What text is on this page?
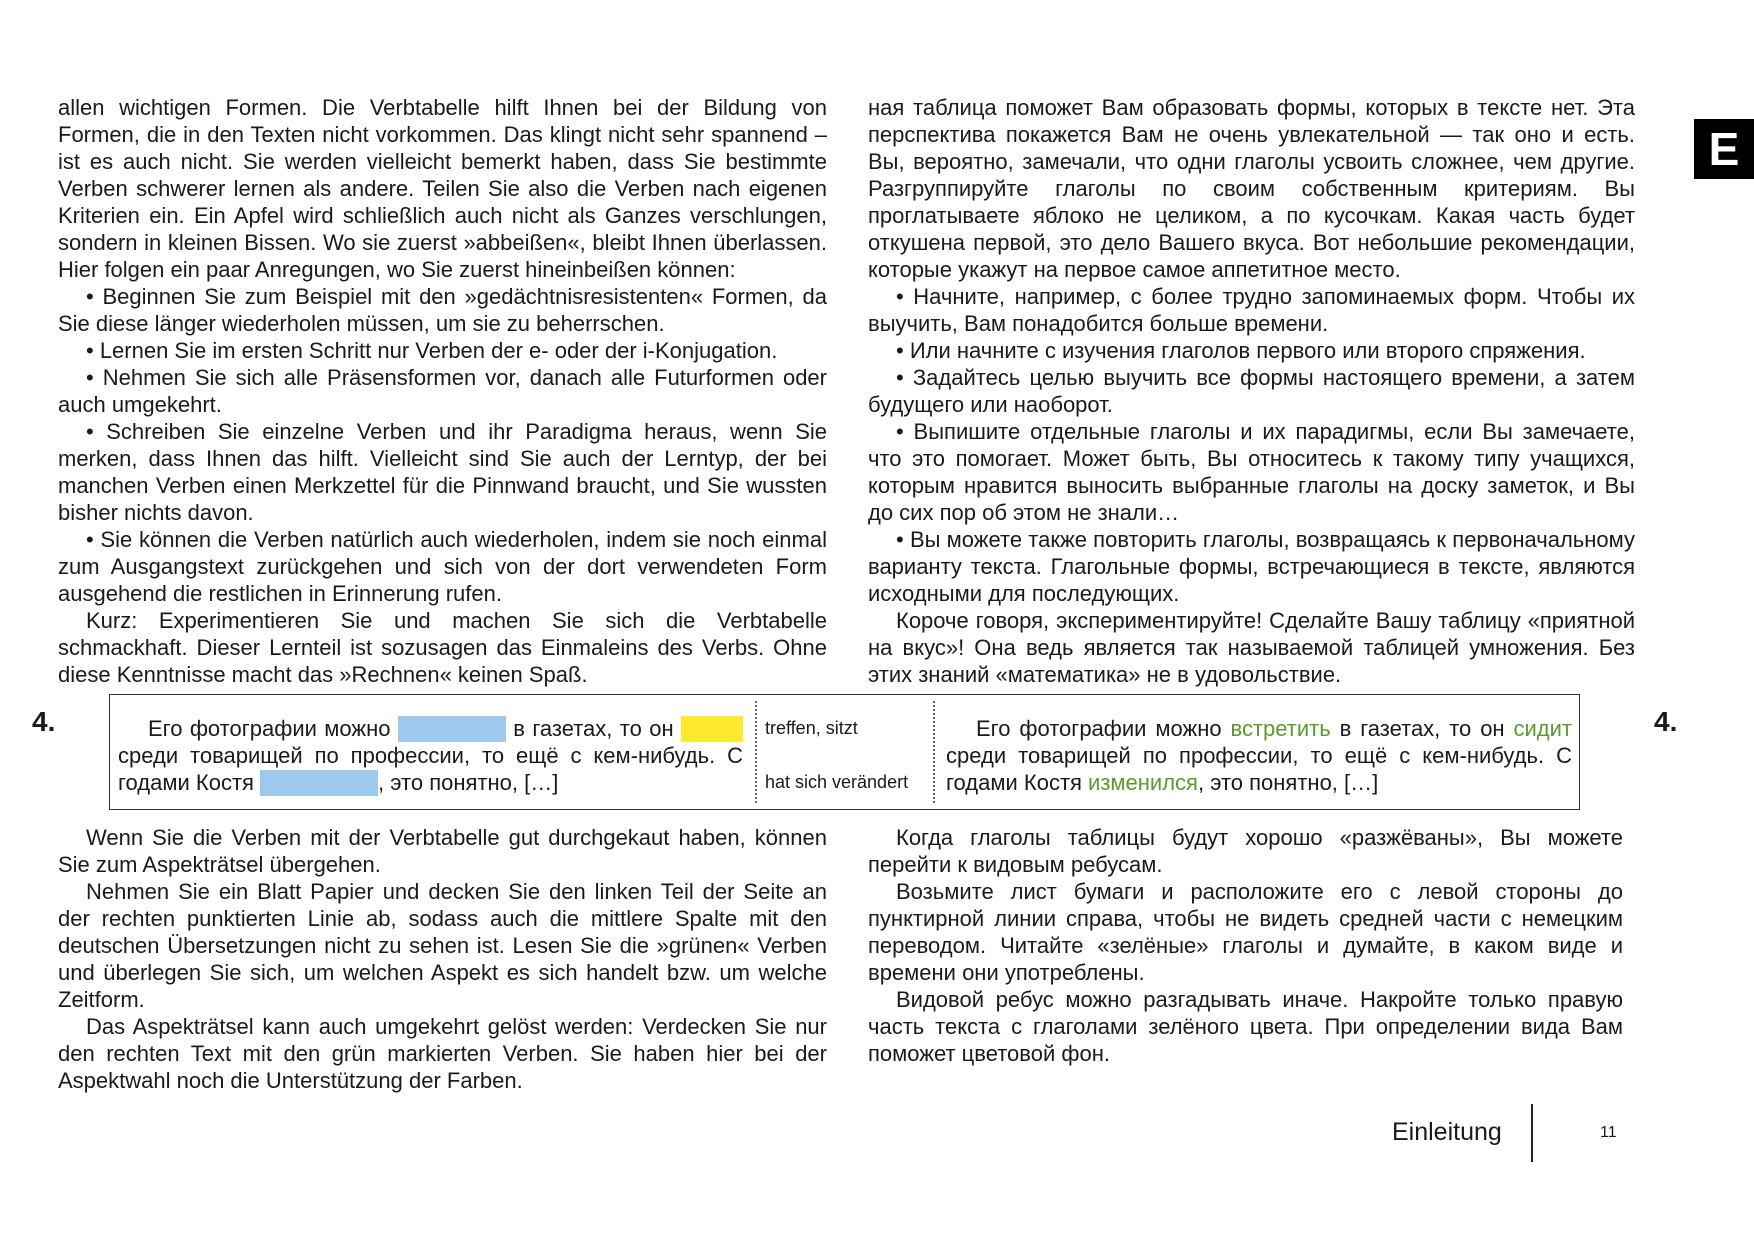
E

allen wichtigen Formen. Die Verbtabelle hilft Ihnen bei der Bildung von Formen, die in den Texten nicht vorkommen. Das klingt nicht sehr spannend – ist es auch nicht. Sie werden vielleicht bemerkt haben, dass Sie bestimmte Verben schwerer lernen als andere. Teilen Sie also die Verben nach eigenen Kriterien ein. Ein Apfel wird schließlich auch nicht als Ganzes verschlungen, sondern in kleinen Bissen. Wo sie zuerst »abbeißen«, bleibt Ihnen überlassen. Hier folgen ein paar Anregungen, wo Sie zuerst hineinbeißen können:

• Beginnen Sie zum Beispiel mit den »gedächtnisresistenten« Formen, da Sie diese länger wiederholen müssen, um sie zu beherrschen.

• Lernen Sie im ersten Schritt nur Verben der e- oder der i-Konjugation.

• Nehmen Sie sich alle Präsensformen vor, danach alle Futurformen oder auch umgekehrt.

• Schreiben Sie einzelne Verben und ihr Paradigma heraus, wenn Sie merken, dass Ihnen das hilft. Vielleicht sind Sie auch der Lerntyp, der bei manchen Verben einen Merkzettel für die Pinnwand braucht, und Sie wussten bisher nichts davon.

• Sie können die Verben natürlich auch wiederholen, indem sie noch einmal zum Ausgangstext zurückgehen und sich von der dort verwendeten Form ausgehend die restlichen in Erinnerung rufen.

Kurz: Experimentieren Sie und machen Sie sich die Verbtabelle schmackhaft. Dieser Lernteil ist sozusagen das Einmaleins des Verbs. Ohne diese Kenntnisse macht das »Rechnen« keinen Spaß.

ная таблица поможет Вам образовать формы, которых в тексте нет. Эта перспектива покажется Вам не очень увлекательной — так оно и есть. Вы, вероятно, замечали, что одни глаголы усвоить сложнее, чем другие. Разгруппируйте глаголы по своим собственным критериям. Вы проглатываете яблоко не целиком, а по кусочкам. Какая часть будет откушена первой, это дело Вашего вкуса. Вот небольшие рекомендации, которые укажут на первое самое аппетитное место.

• Начните, например, с более трудно запоминаемых форм. Чтобы их выучить, Вам понадобится больше времени.

• Или начните с изучения глаголов первого или второго спряжения.

• Задайтесь целью выучить все формы настоящего времени, а затем будущего или наоборот.

• Выпишите отдельные глаголы и их парадигмы, если Вы замечаете, что это помогает. Может быть, Вы относитесь к такому типу учащихся, которым нравится выносить выбранные глаголы на доску заметок, и Вы до сих пор об этом не знали…

• Вы можете также повторить глаголы, возвращаясь к первоначальному варианту текста. Глагольные формы, встречающиеся в тексте, являются исходными для последующих.

Короче говоря, экспериментируйте! Сделайте Вашу таблицу «приятной на вкус»! Она ведь является так называемой таблицей умножения. Без этих знаний «математика» не в удовольствие.

4.	4.
Его фотографии можно	в газетах, то он  среди товарищей по профессии, то ещё с кем-нибудь. С годами Костя	, это понятно, […]
treffen, sitzt
hat sich verändert
Его фотографии можно встретить в газетах, то он сидит среди товарищей по профессии, то ещё с кем-нибудь. С годами Костя изменился, это понятно, […]

Wenn Sie die Verben mit der Verbtabelle gut durchgekaut haben, können Sie zum Aspekträtsel übergehen.

Nehmen Sie ein Blatt Papier und decken Sie den linken Teil der Seite an der rechten punktierten Linie ab, sodass auch die mittlere Spalte mit den deutschen Übersetzungen nicht zu sehen ist. Lesen Sie die »grünen« Verben und überlegen Sie sich, um welchen Aspekt es sich handelt bzw. um welche Zeitform.

Das Aspekträtsel kann auch umgekehrt gelöst werden: Verdecken Sie nur den rechten Text mit den grün markierten Verben. Sie haben hier bei der Aspektwahl noch die Unterstützung der Farben.

Когда глаголы таблицы будут хорошо «разжёваны», Вы можете перейти к видовым ребусам.

Возьмите лист бумаги и расположите его с левой стороны до пунктирной линии справа, чтобы не видеть средней части с немецким переводом. Читайте «зелёные» глаголы и думайте, в каком виде и времени они употреблены.

Видовой ребус можно разгадывать иначе. Накройте только правую часть текста с глаголами зелёного цвета. При определении вида Вам поможет цветовой фон.

Einleitung	11
